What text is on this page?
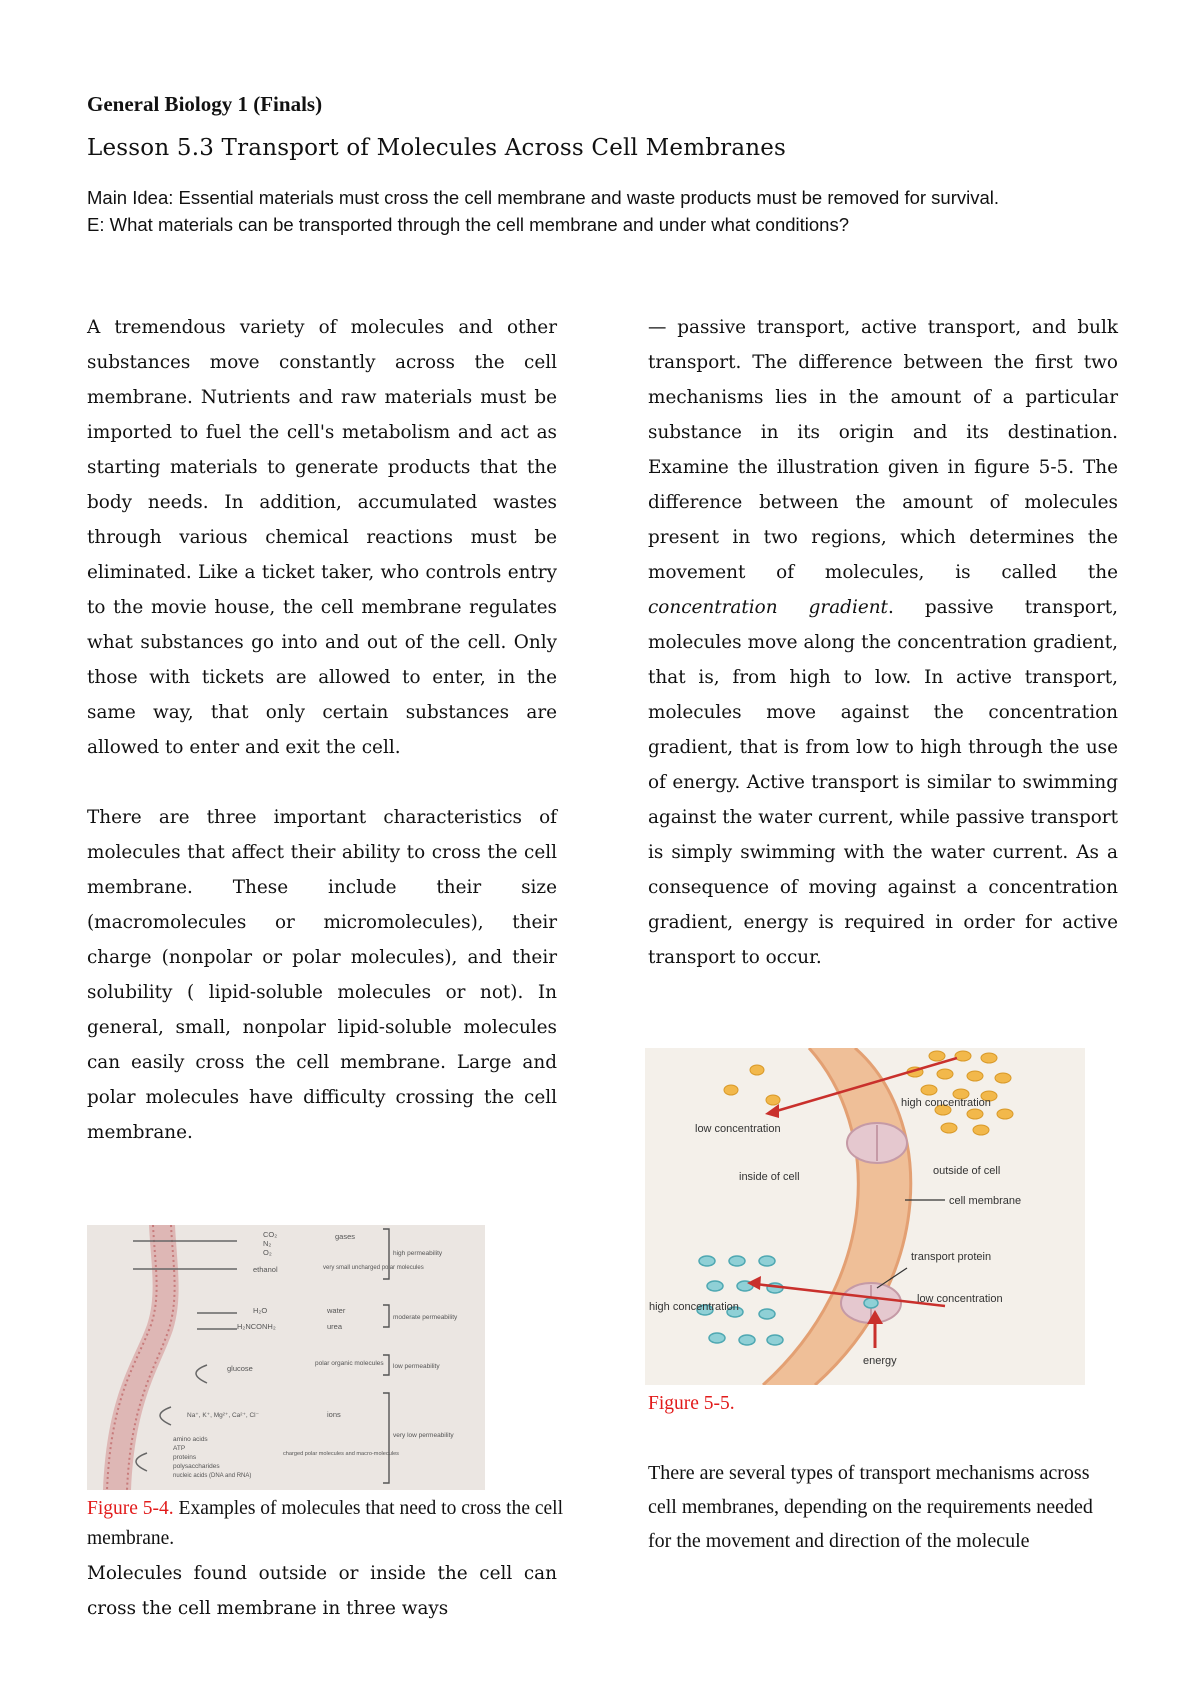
General Biology 1 (Finals)
Lesson 5.3 Transport of Molecules Across Cell Membranes
Main Idea: Essential materials must cross the cell membrane and waste products must be removed for survival.
E: What materials can be transported through the cell membrane and under what conditions?

A tremendous variety of molecules and other substances move constantly across the cell membrane. Nutrients and raw materials must be imported to fuel the cell's metabolism and act as starting materials to generate products that the body needs. In addition, accumulated wastes through various chemical reactions must be eliminated. Like a ticket taker, who controls entry to the movie house, the cell membrane regulates what substances go into and out of the cell. Only those with tickets are allowed to enter, in the same way, that only certain substances are allowed to enter and exit the cell.

There are three important characteristics of molecules that affect their ability to cross the cell membrane. These include their size (macromolecules or micromolecules), their charge (nonpolar or polar molecules), and their solubility ( lipid-soluble molecules or not). In general, small, nonpolar lipid-soluble molecules can easily cross the cell membrane. Large and polar molecules have difficulty crossing the cell membrane.

CO₂
N₂
O₂
gases
ethanol	very small uncharged polar molecules
high permeability
H₂O	water
H₂NCONH₂	urea
moderate permeability
glucose
polar organic molecules low permeability
Na⁺, K⁺, Mg²⁺, Ca²⁺, Cl⁻	ions
amino acids
ATP
proteins
polysaccharides
nucleic acids (DNA and RNA)
charged polar molecules and macro-molecules
very low permeability
Figure 5-4. Examples of molecules that need to cross the cell membrane.

Molecules found outside or inside the cell can cross the cell membrane in three ways

— passive transport, active transport, and bulk transport. The difference between the first two mechanisms lies in the amount of a particular substance in its origin and its destination. Examine the illustration given in figure 5-5. The difference between the amount of molecules present in two regions, which determines the movement of molecules, is called the concentration gradient. passive transport, molecules move along the concentration gradient, that is, from high to low. In active transport, molecules move against the concentration gradient, that is from low to high through the use of energy. Active transport is similar to swimming against the water current, while passive transport is simply swimming with the water current. As a consequence of moving against a concentration gradient, energy is required in order for active transport to occur.

low concentration
high concentration
inside of cell	outside of cell
cell membrane
transport protein
low concentration
high concentration
energy
Figure 5-5.

There are several types of transport mechanisms across cell membranes, depending on the requirements needed for the movement and direction of the molecule
